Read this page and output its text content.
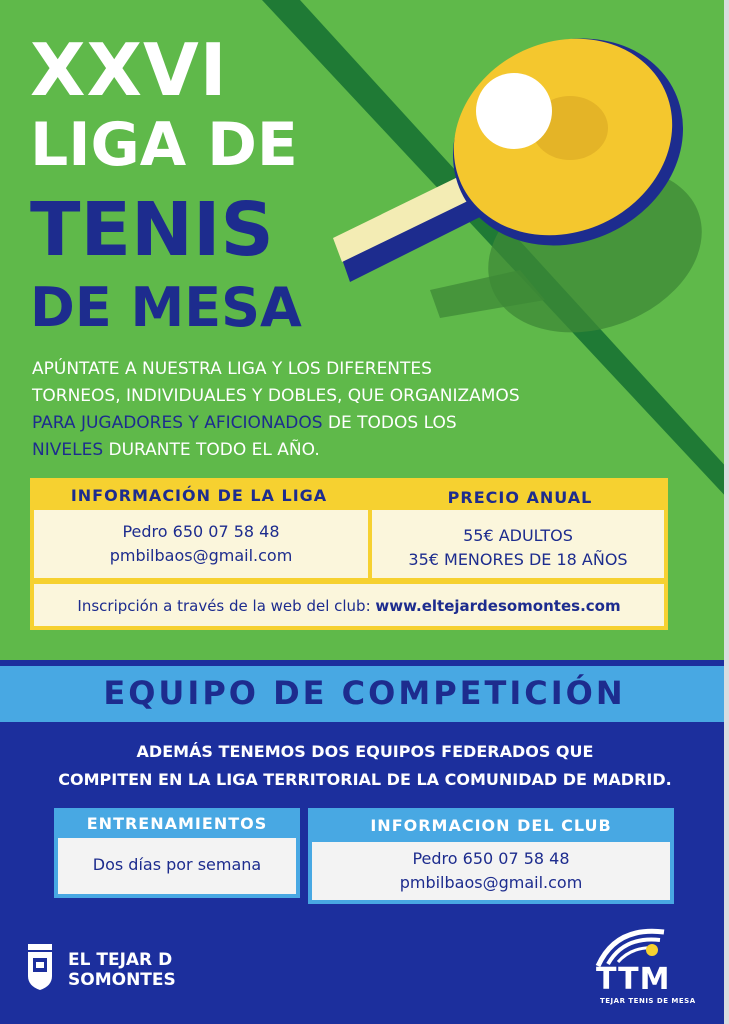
XXVI
LIGA DE
TENIS
DE MESA
APÚNTATE A NUESTRA LIGA Y LOS DIFERENTES
TORNEOS, INDIVIDUALES Y DOBLES, QUE ORGANIZAMOS
PARA JUGADORES Y AFICIONADOS DE TODOS LOS
NIVELES DURANTE TODO EL AÑO.
INFORMACIÓN DE LA LIGA	PRECIO ANUAL
Pedro 650 07 58 48
pmbilbaos@gmail.com
55€ ADULTOS
35€ MENORES DE 18 AÑOS
Inscripción a través de la web del club: www.eltejardesomontes.com
EQUIPO DE COMPETICIÓN
ADEMÁS TENEMOS DOS EQUIPOS FEDERADOS QUE
COMPITEN EN LA LIGA TERRITORIAL DE LA COMUNIDAD DE MADRID.
ENTRENAMIENTOS
Dos días por semana
INFORMACION DEL CLUB
Pedro 650 07 58 48
pmbilbaos@gmail.com
EL TEJAR D
SOMONTES	TTM
TEJAR TENIS DE MESA
